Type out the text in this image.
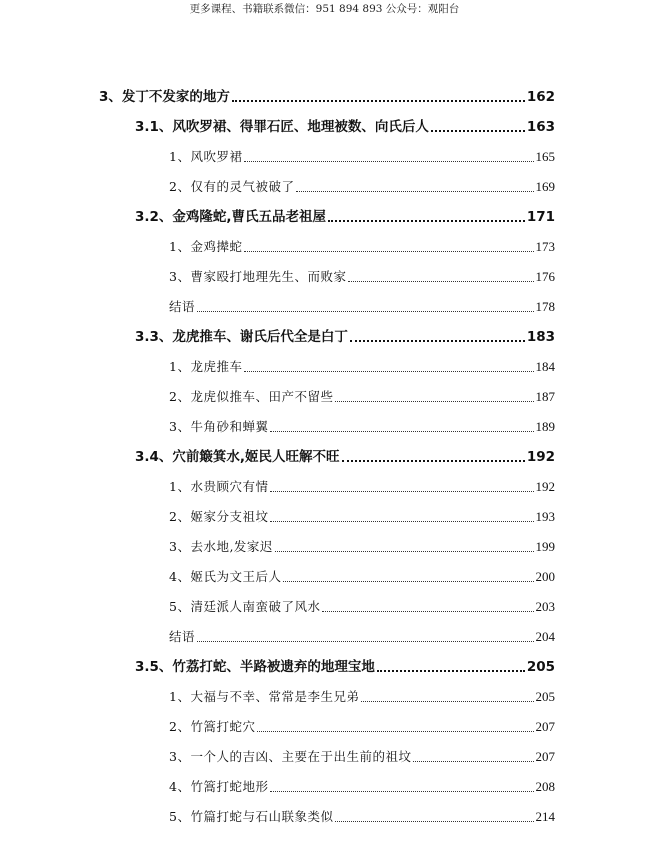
更多课程、书籍联系微信：951 894 893 公众号：观阳台
3、发丁不发家的地方	162
3.1、风吹罗裙、得罪石匠、地理被数、向氏后人	163
1、风吹罗裙	165
2、仅有的灵气被破了	169
3.2、金鸡隆蛇,曹氏五品老祖屋	171
1、金鸡撵蛇	173
3、曹家殴打地理先生、而败家	176
结语	178
3.3、龙虎推车、谢氏后代全是白丁	183
1、龙虎推车	184
2、龙虎似推车、田产不留些	187
3、牛角砂和蝉翼	189
3.4、穴前簸箕水,姬民人旺解不旺	192
1、水贵顾穴有情	192
2、姬家分支祖坟	193
3、去水地,发家迟	199
4、姬氏为文王后人	200
5、清廷派人南蛮破了风水	203
结语	204
3.5、竹荔打蛇、半路被遗弃的地理宝地	205
1、大福与不幸、常常是李生兄弟	205
2、竹篙打蛇穴	207
3、一个人的吉凶、主要在于出生前的祖坟	207
4、竹篙打蛇地形	208
5、竹篇打蛇与石山联象类似	214
